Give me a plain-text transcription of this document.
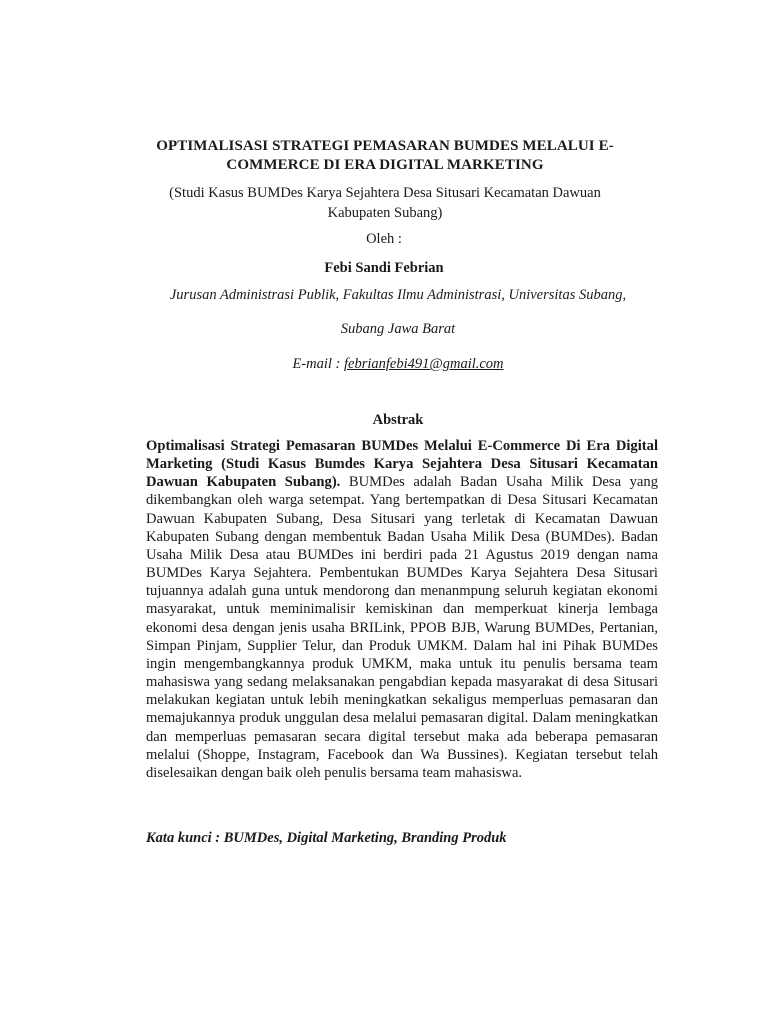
OPTIMALISASI STRATEGI PEMASARAN BUMDES MELALUI E-COMMERCE DI ERA DIGITAL MARKETING
(Studi Kasus BUMDes Karya Sejahtera Desa Situsari Kecamatan Dawuan Kabupaten Subang)
Oleh :
Febi Sandi Febrian
Jurusan Administrasi Publik, Fakultas Ilmu Administrasi, Universitas Subang,
Subang Jawa Barat
E-mail : febrianfebi491@gmail.com
Abstrak
Optimalisasi Strategi Pemasaran BUMDes Melalui E-Commerce Di Era Digital Marketing (Studi Kasus Bumdes Karya Sejahtera Desa Situsari Kecamatan Dawuan Kabupaten Subang). BUMDes adalah Badan Usaha Milik Desa yang dikembangkan oleh warga setempat. Yang bertempatkan di Desa Situsari Kecamatan Dawuan Kabupaten Subang, Desa Situsari yang terletak di Kecamatan Dawuan Kabupaten Subang dengan membentuk Badan Usaha Milik Desa (BUMDes). Badan Usaha Milik Desa atau BUMDes ini berdiri pada 21 Agustus 2019 dengan nama BUMDes Karya Sejahtera. Pembentukan BUMDes Karya Sejahtera Desa Situsari tujuannya adalah guna untuk mendorong dan menanmpung seluruh kegiatan ekonomi masyarakat, untuk meminimalisir kemiskinan dan memperkuat kinerja lembaga ekonomi desa dengan jenis usaha BRILink, PPOB BJB, Warung BUMDes, Pertanian, Simpan Pinjam, Supplier Telur, dan Produk UMKM. Dalam hal ini Pihak BUMDes ingin mengembangkannya produk UMKM, maka untuk itu penulis bersama team mahasiswa yang sedang melaksanakan pengabdian kepada masyarakat di desa Situsari melakukan kegiatan untuk lebih meningkatkan sekaligus memperluas pemasaran dan memajukannya produk unggulan desa melalui pemasaran digital. Dalam meningkatkan dan memperluas pemasaran secara digital tersebut maka ada beberapa pemasaran melalui (Shoppe, Instagram, Facebook dan Wa Bussines). Kegiatan tersebut telah diselesaikan dengan baik oleh penulis bersama team mahasiswa.
Kata kunci : BUMDes, Digital Marketing, Branding Produk
